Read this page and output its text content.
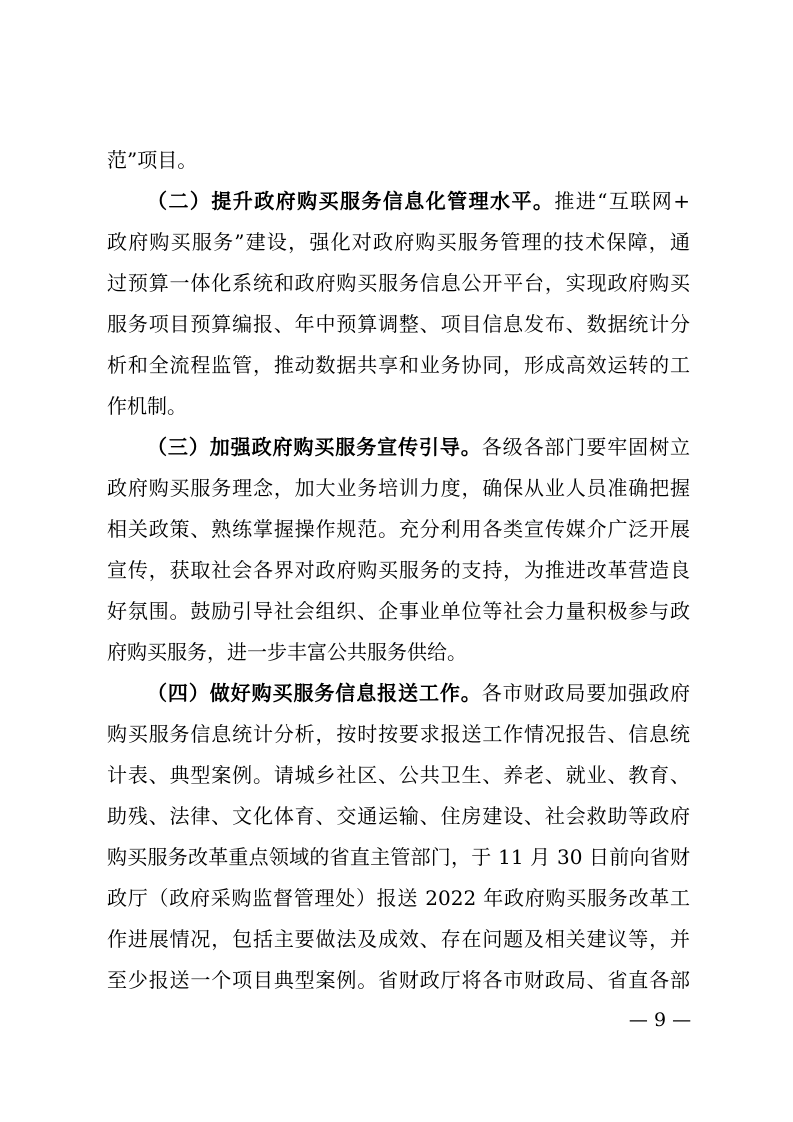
范”项目。
（二）提升政府购买服务信息化管理水平。推进“互联网+
政府购买服务”建设，强化对政府购买服务管理的技术保障，通
过预算一体化系统和政府购买服务信息公开平台，实现政府购买
服务项目预算编报、年中预算调整、项目信息发布、数据统计分
析和全流程监管，推动数据共享和业务协同，形成高效运转的工
作机制。
（三）加强政府购买服务宣传引导。各级各部门要牢固树立
政府购买服务理念，加大业务培训力度，确保从业人员准确把握
相关政策、熟练掌握操作规范。充分利用各类宣传媒介广泛开展
宣传，获取社会各界对政府购买服务的支持，为推进改革营造良
好氛围。鼓励引导社会组织、企事业单位等社会力量积极参与政
府购买服务，进一步丰富公共服务供给。
（四）做好购买服务信息报送工作。各市财政局要加强政府
购买服务信息统计分析，按时按要求报送工作情况报告、信息统
计表、典型案例。请城乡社区、公共卫生、养老、就业、教育、
助残、法律、文化体育、交通运输、住房建设、社会救助等政府
购买服务改革重点领域的省直主管部门，于 11 月 30 日前向省财
政厅（政府采购监督管理处）报送 2022 年政府购买服务改革工
作进展情况，包括主要做法及成效、存在问题及相关建议等，并
至少报送一个项目典型案例。省财政厅将各市财政局、省直各部
— 9 —
